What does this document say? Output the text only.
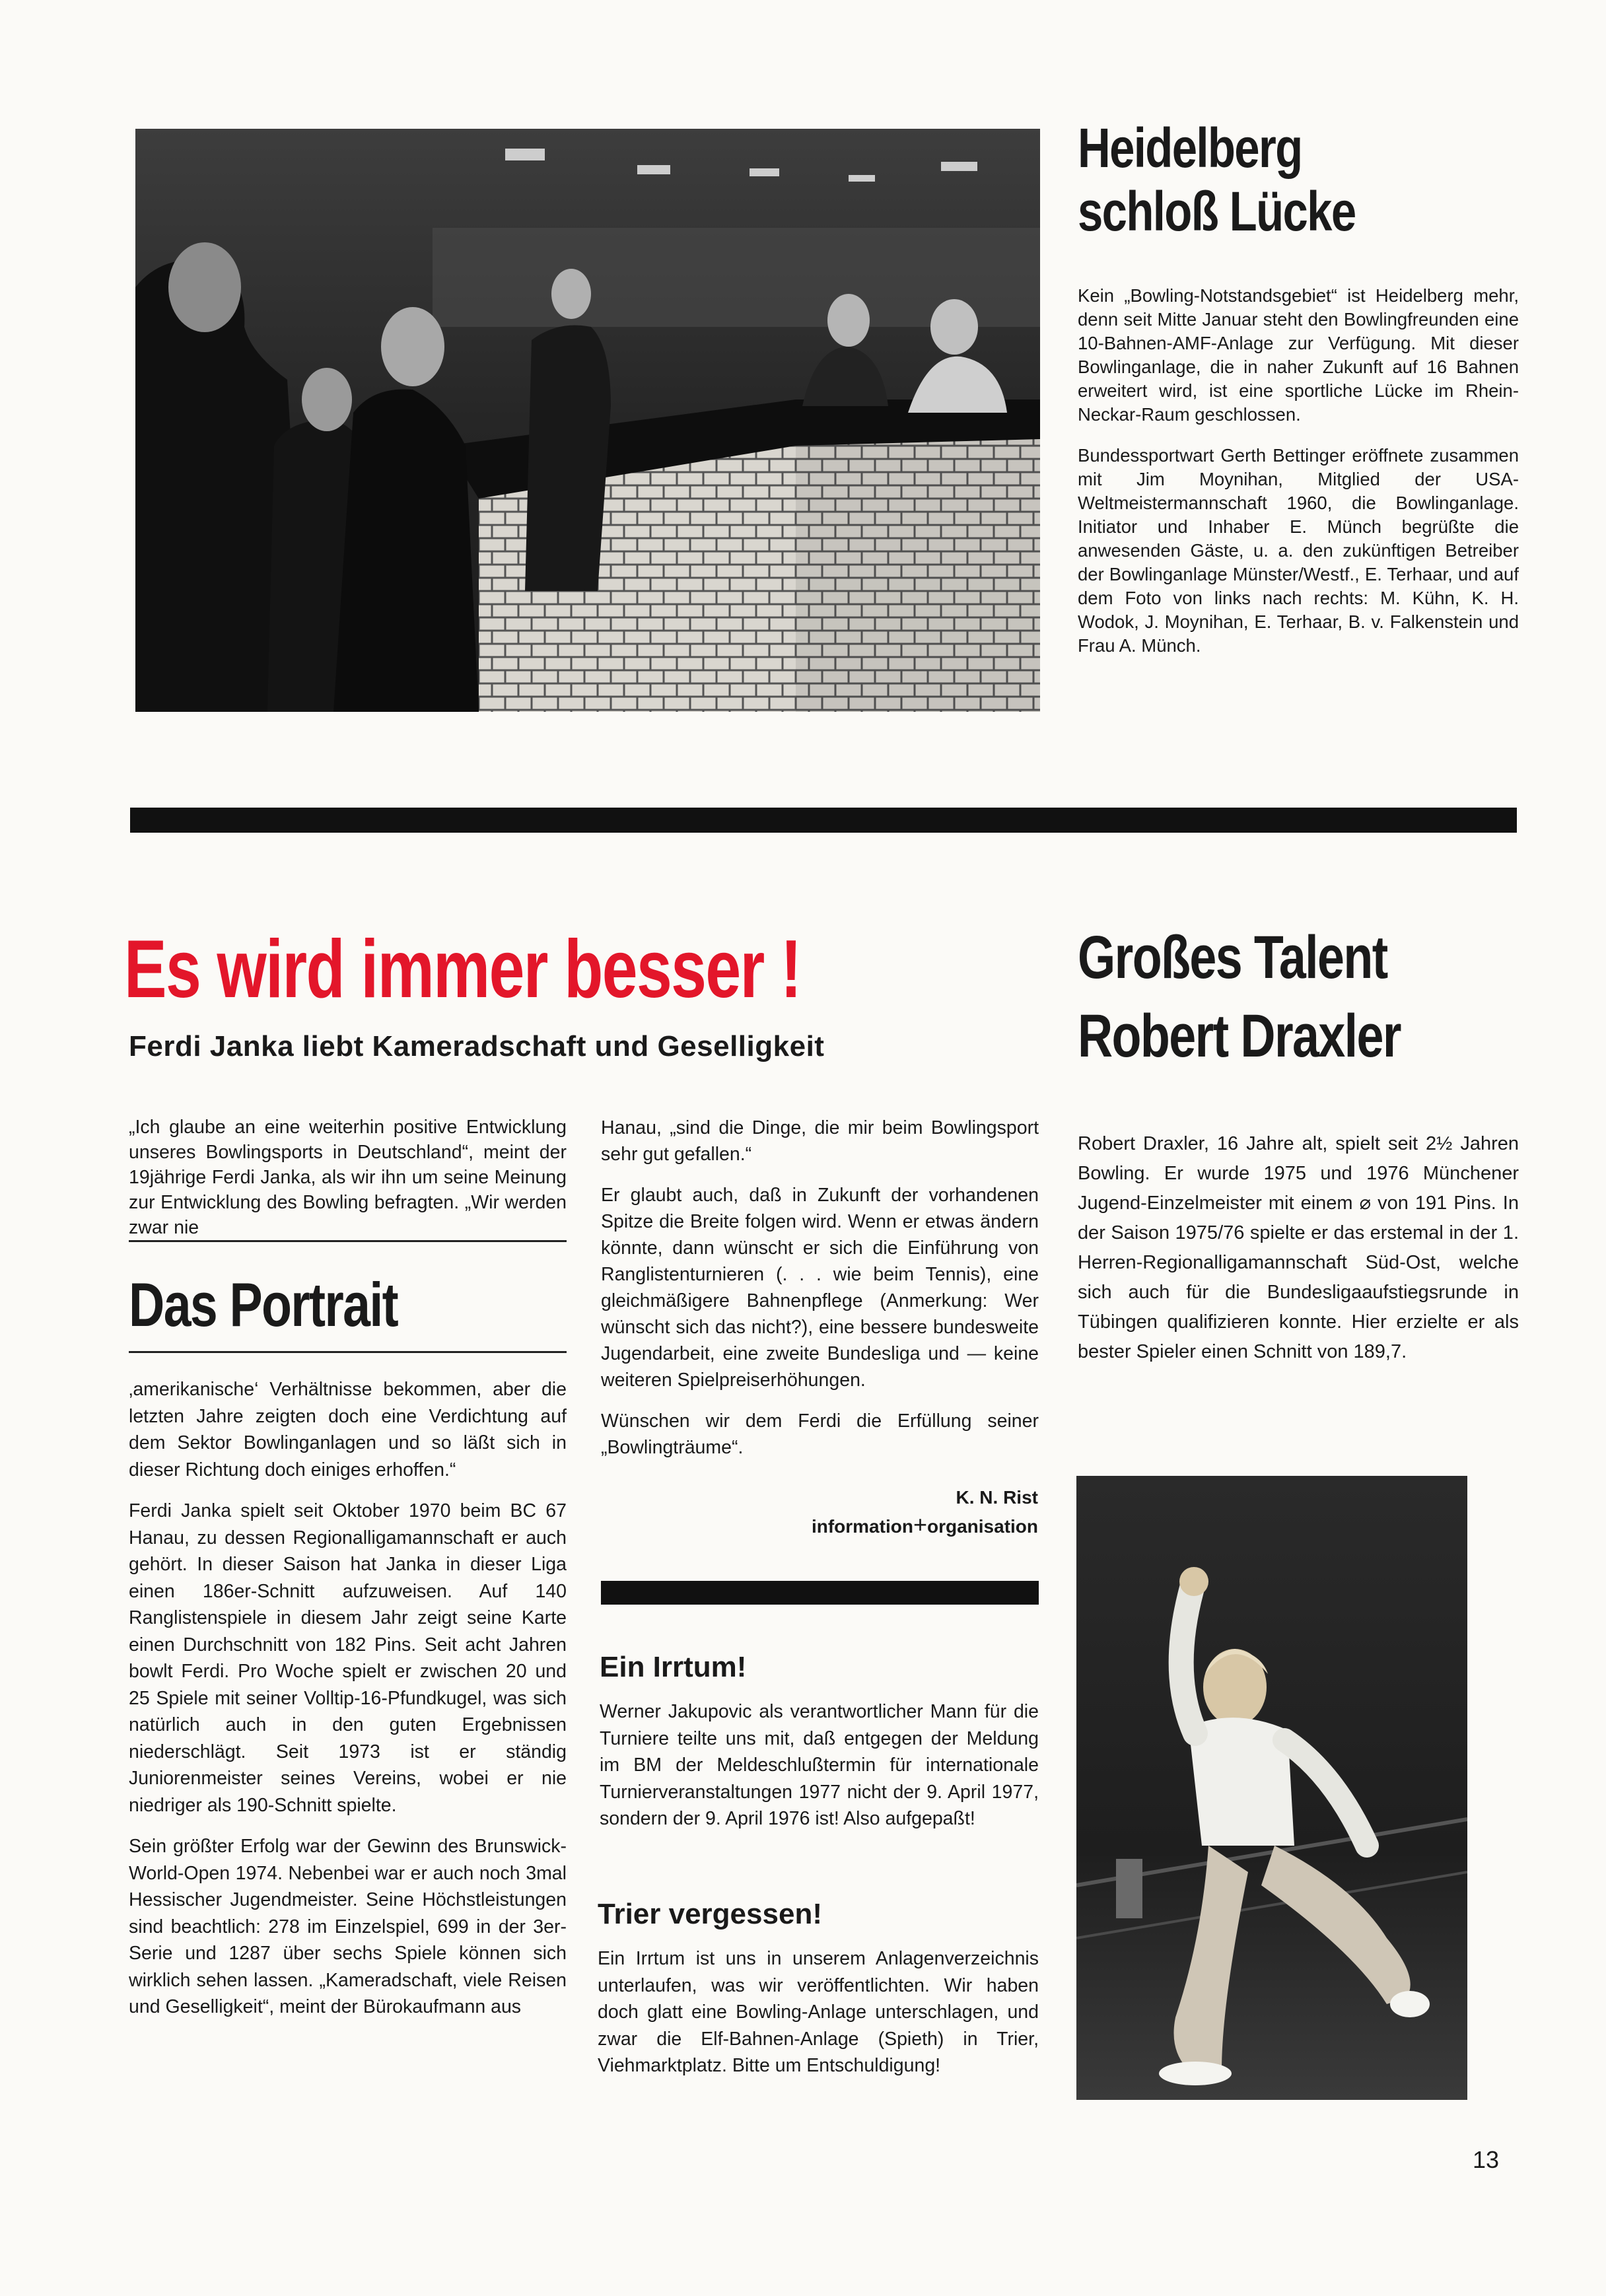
Heidelberg
schloß Lücke

Kein „Bowling-Notstandsgebiet“ ist Heidelberg mehr, denn seit Mitte Januar steht den Bowlingfreunden eine 10-Bahnen-AMF-Anlage zur Verfügung. Mit dieser Bowlinganlage, die in naher Zukunft auf 16 Bahnen erweitert wird, ist eine sportliche Lücke im Rhein-Neckar-Raum geschlossen.

Bundessportwart Gerth Bettinger eröffnete zusammen mit Jim Moynihan, Mitglied der USA-Weltmeistermannschaft 1960, die Bowlinganlage. Initiator und Inhaber E. Münch begrüßte die anwesenden Gäste, u. a. den zukünftigen Betreiber der Bowlinganlage Münster/Westf., E. Terhaar, und auf dem Foto von links nach rechts: M. Kühn, K. H. Wodok, J. Moynihan, E. Terhaar, B. v. Falkenstein und Frau A. Münch.

Es wird immer besser !
Ferdi Janka liebt Kameradschaft und Geselligkeit
„Ich glaube an eine weiterhin positive Entwicklung unseres Bowlingsports in Deutschland“, meint der 19jährige Ferdi Janka, als wir ihn um seine Meinung zur Entwicklung des Bowling befragten. „Wir werden zwar nie
Das Portrait

‚amerikanische‘ Verhältnisse bekommen, aber die letzten Jahre zeigten doch eine Verdichtung auf dem Sektor Bowlinganlagen und so läßt sich in dieser Richtung doch einiges erhoffen.“

Ferdi Janka spielt seit Oktober 1970 beim BC 67 Hanau, zu dessen Regionalligamannschaft er auch gehört. In dieser Saison hat Janka in dieser Liga einen 186er-Schnitt aufzuweisen. Auf 140 Ranglistenspiele in diesem Jahr zeigt seine Karte einen Durchschnitt von 182 Pins. Seit acht Jahren bowlt Ferdi. Pro Woche spielt er zwischen 20 und 25 Spiele mit seiner Volltip-16-Pfundkugel, was sich natürlich auch in den guten Ergebnissen niederschlägt. Seit 1973 ist er ständig Juniorenmeister seines Vereins, wobei er nie niedriger als 190-Schnitt spielte.

Sein größter Erfolg war der Gewinn des Brunswick-World-Open 1974. Nebenbei war er auch noch 3mal Hessischer Jugendmeister. Seine Höchstleistungen sind beachtlich: 278 im Einzelspiel, 699 in der 3er-Serie und 1287 über sechs Spiele können sich wirklich sehen lassen. „Kameradschaft, viele Reisen und Geselligkeit“, meint der Bürokaufmann aus

Hanau, „sind die Dinge, die mir beim Bowlingsport sehr gut gefallen.“

Er glaubt auch, daß in Zukunft der vorhandenen Spitze die Breite folgen wird. Wenn er etwas ändern könnte, dann wünscht er sich die Einführung von Ranglistenturnieren (. . . wie beim Tennis), eine gleichmäßigere Bahnenpflege (Anmerkung: Wer wünscht sich das nicht?), eine bessere bundesweite Jugendarbeit, eine zweite Bundesliga und — keine weiteren Spielpreiserhöhungen.

Wünschen wir dem Ferdi die Erfüllung seiner „Bowlingträume“.

K. N. Rist
information+organisation
Ein Irrtum!
Werner Jakupovic als verantwortlicher Mann für die Turniere teilte uns mit, daß entgegen der Meldung im BM der Meldeschlußtermin für internationale Turnierveranstaltungen 1977 nicht der 9. April 1977, sondern der 9. April 1976 ist! Also aufgepaßt!
Trier vergessen!
Ein Irrtum ist uns in unserem Anlagenverzeichnis unterlaufen, was wir veröffentlichten. Wir haben doch glatt eine Bowling-Anlage unterschlagen, und zwar die Elf-Bahnen-Anlage (Spieth) in Trier, Viehmarktplatz. Bitte um Entschuldigung!
Großes Talent
Robert Draxler
Robert Draxler, 16 Jahre alt, spielt seit 2½ Jahren Bowling. Er wurde 1975 und 1976 Münchener Jugend-Einzelmeister mit einem ⌀ von 191 Pins. In der Saison 1975/76 spielte er das erstemal in der 1. Herren-Regionalligamannschaft Süd-Ost, welche sich auch für die Bundesligaaufstiegsrunde in Tübingen qualifizieren konnte. Hier erzielte er als bester Spieler einen Schnitt von 189,7.
13
